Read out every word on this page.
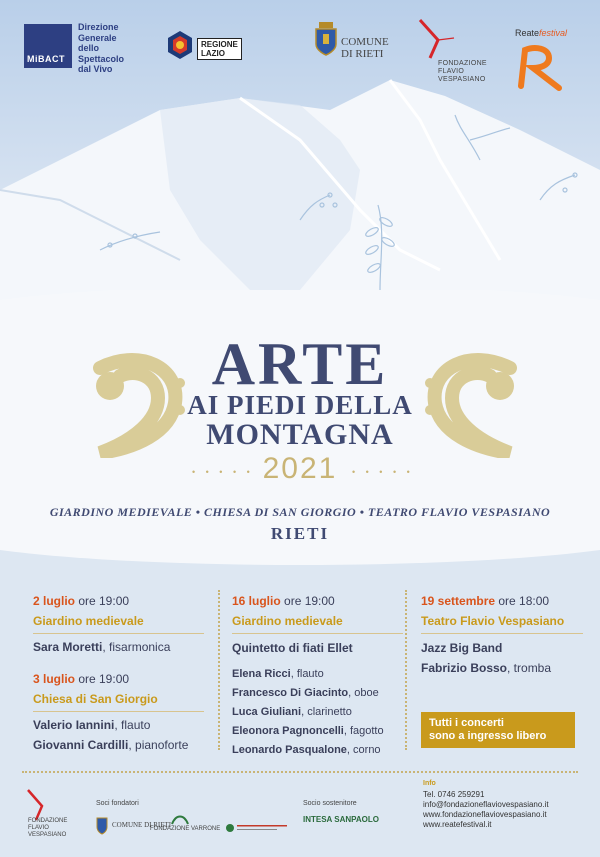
MiBACT
Direzione
Generale
dello
Spettacolo
dal Vivo
REGIONE
LAZIO
COMUNE
DI RIETI
FONDAZIONE
FLAVIO
VESPASIANO
Reatefestival
ARTE
AI PIEDI DELLA
MONTAGNA
• • • • • 2021	• • • • •
GIARDINO MEDIEVALE • CHIESA DI SAN GIORGIO • TEATRO FLAVIO VESPASIANO
RIETI
2 luglio ore 19:00
Giardino medievale
Sara Moretti, fisarmonica
3 luglio ore 19:00
Chiesa di San Giorgio
Valerio Iannini, flauto
Giovanni Cardilli, pianoforte
16 luglio ore 19:00
Giardino medievale
Quintetto di fiati Ellet
Elena Ricci, flauto
Francesco Di Giacinto, oboe
Luca Giuliani, clarinetto
Eleonora Pagnoncelli, fagotto
Leonardo Pasqualone, corno
19 settembre ore 18:00
Teatro Flavio Vespasiano
Jazz Big Band
Fabrizio Bosso, tromba
Tutti i concerti
sono a ingresso libero
FONDAZIONE
FLAVIO
VESPASIANO
Soci fondatori
COMUNE DI RIETI
FONDAZIONE VARRONE
Socio sostenitore
INTESA SANPAOLO
Info
Tel. 0746 259291
info@fondazioneflaviovespasiano.it
www.fondazioneflaviovespasiano.it
www.reatefestival.it
